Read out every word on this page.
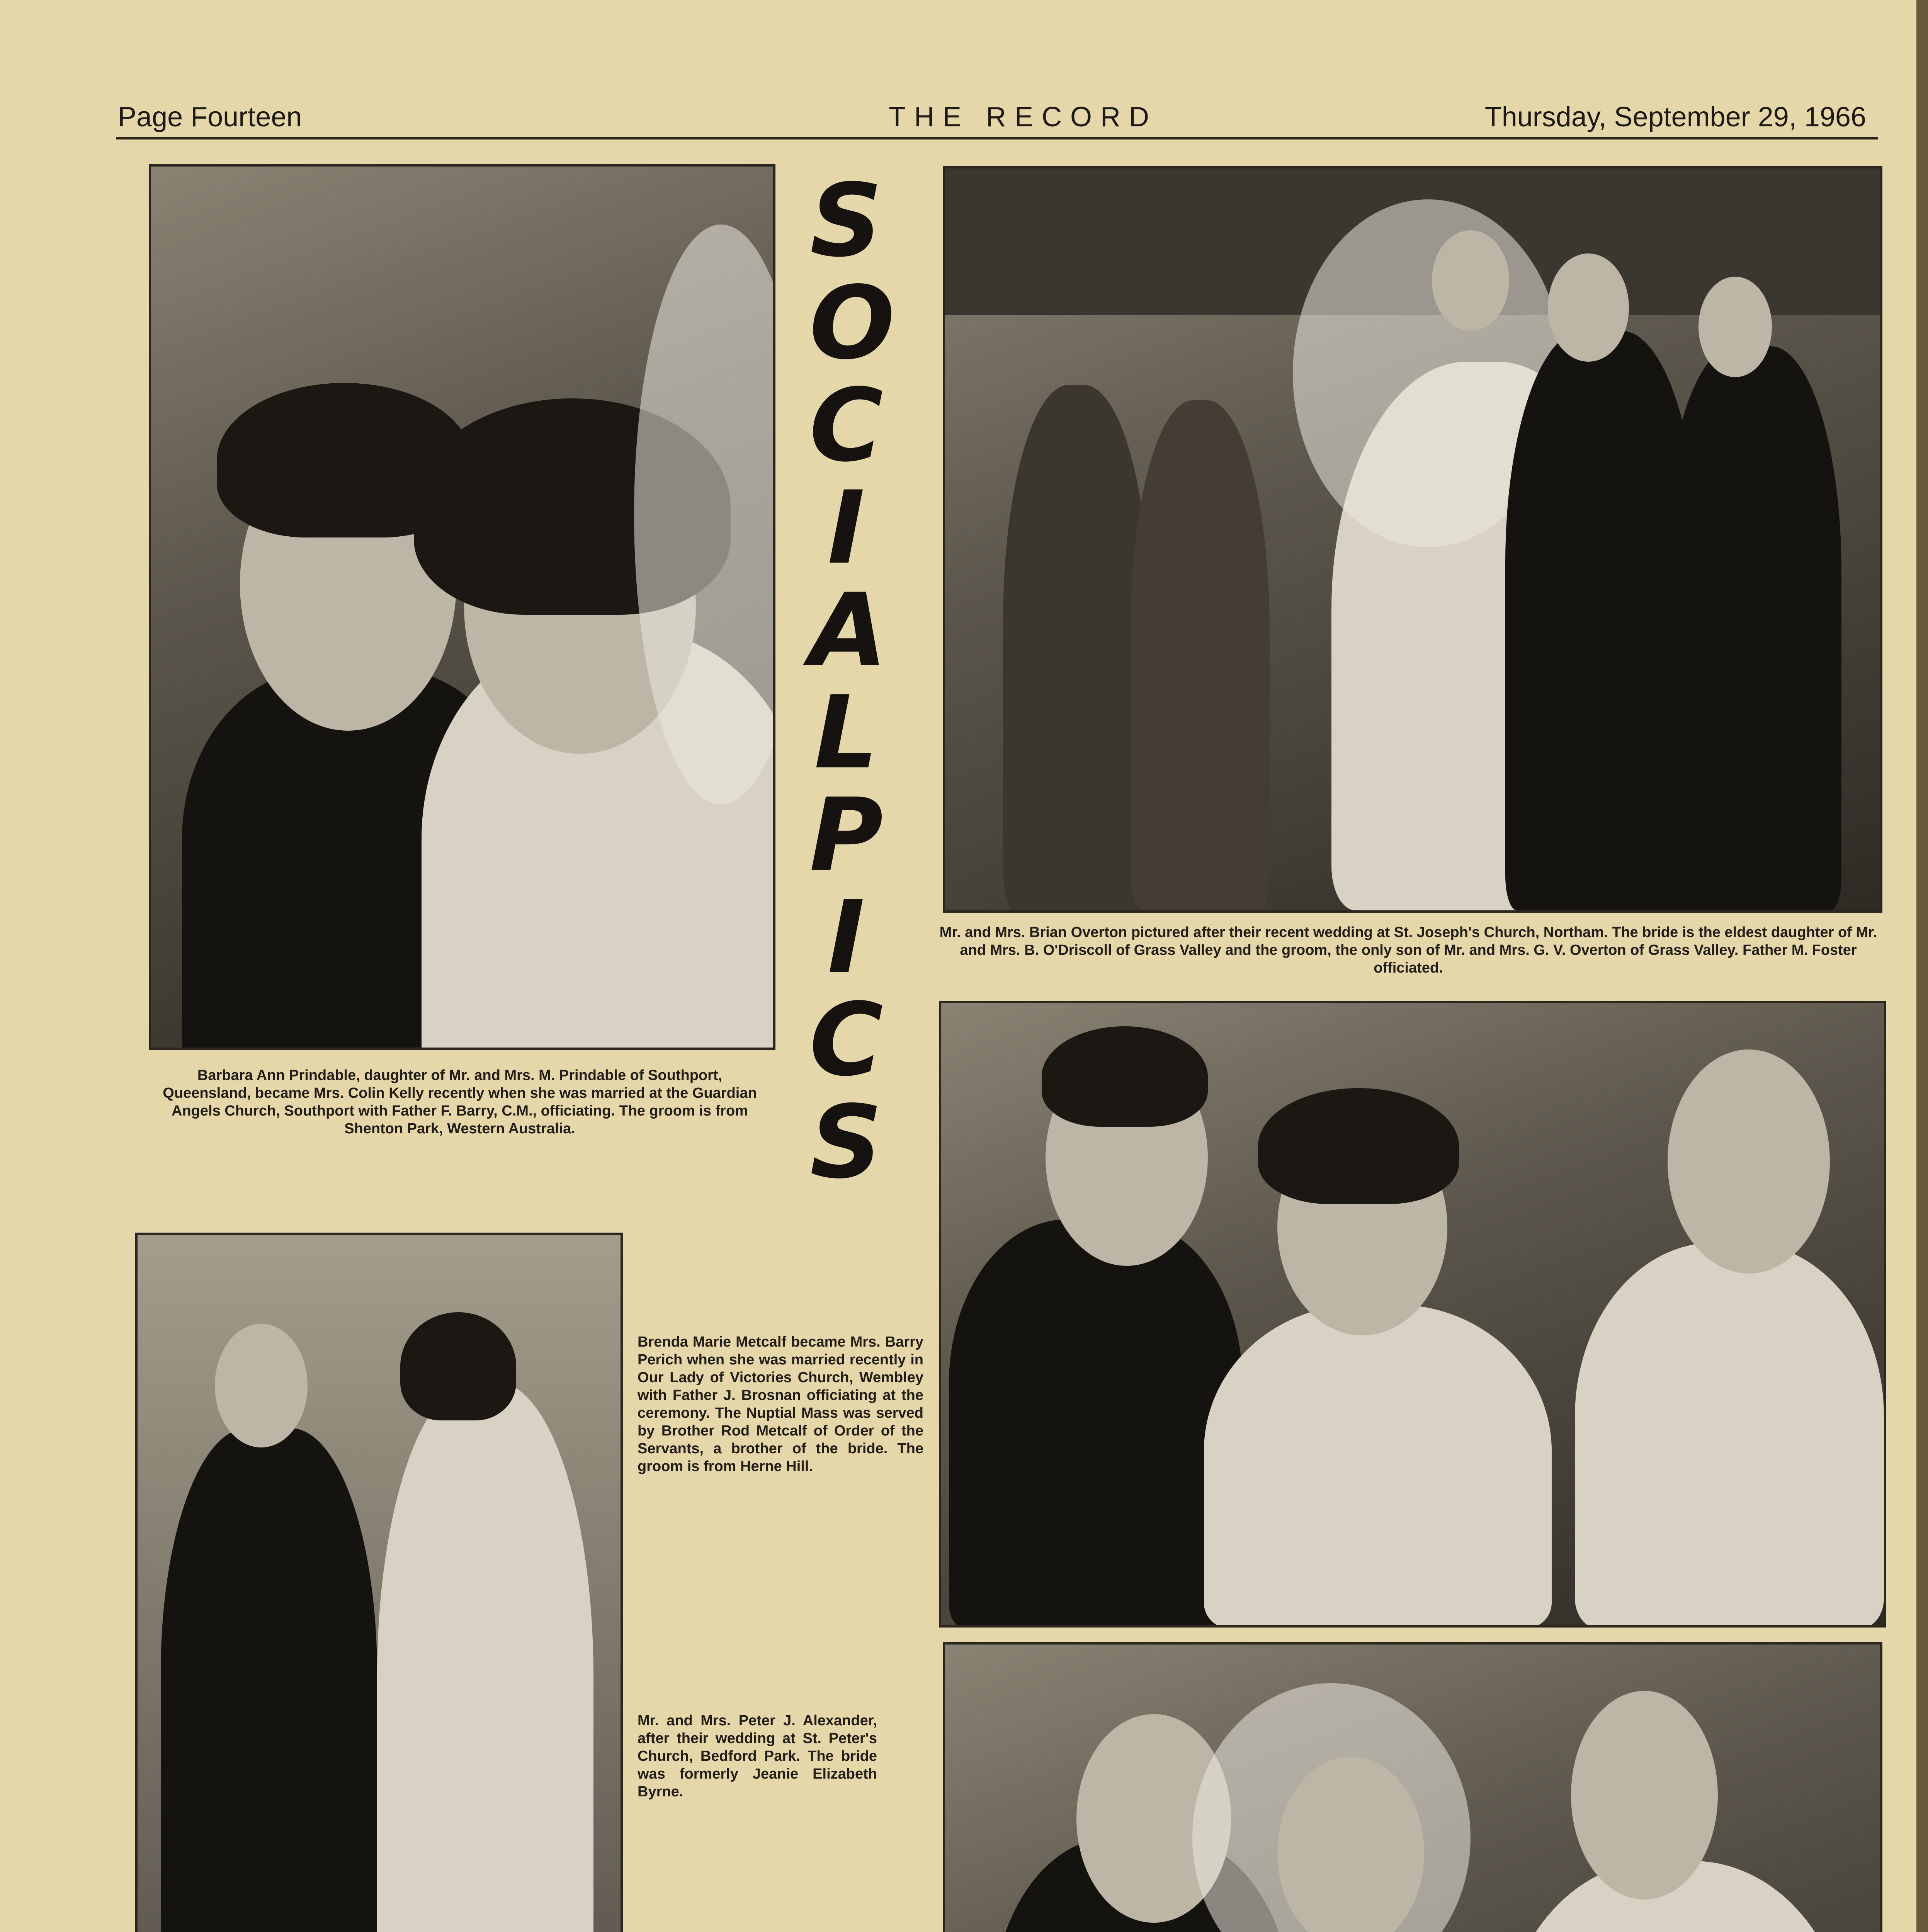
Page Fourteen	THE RECORD	Thursday, September 29, 1966
Barbara Ann Prindable, daughter of Mr. and Mrs. M. Prindable of Southport, Queensland, became Mrs. Colin Kelly recently when she was married at the Guardian Angels Church, Southport with Father F. Barry, C.M., officiating. The groom is from Shenton Park, Western Australia.
S
O
C
I
A
L
P
I
C
S
Mr. and Mrs. Brian Overton pictured after their recent wedding at St. Joseph's Church, Northam. The bride is the eldest daughter of Mr. and Mrs. B. O'Driscoll of Grass Valley and the groom, the only son of Mr. and Mrs. G. V. Overton of Grass Valley. Father M. Foster officiated.
Mr. and Mrs. Peter J. Alexander, after their wedding at St. Peter's Church, Bedford Park. The bride was formerly Jeanie Elizabeth Byrne.
Brenda Marie Metcalf became Mrs. Barry Perich when she was married recently in Our Lady of Victories Church, Wembley with Father J. Brosnan officiating at the ceremony. The Nuptial Mass was served by Brother Rod Metcalf of Order of the Servants, a brother of the bride. The groom is from Herne Hill.
